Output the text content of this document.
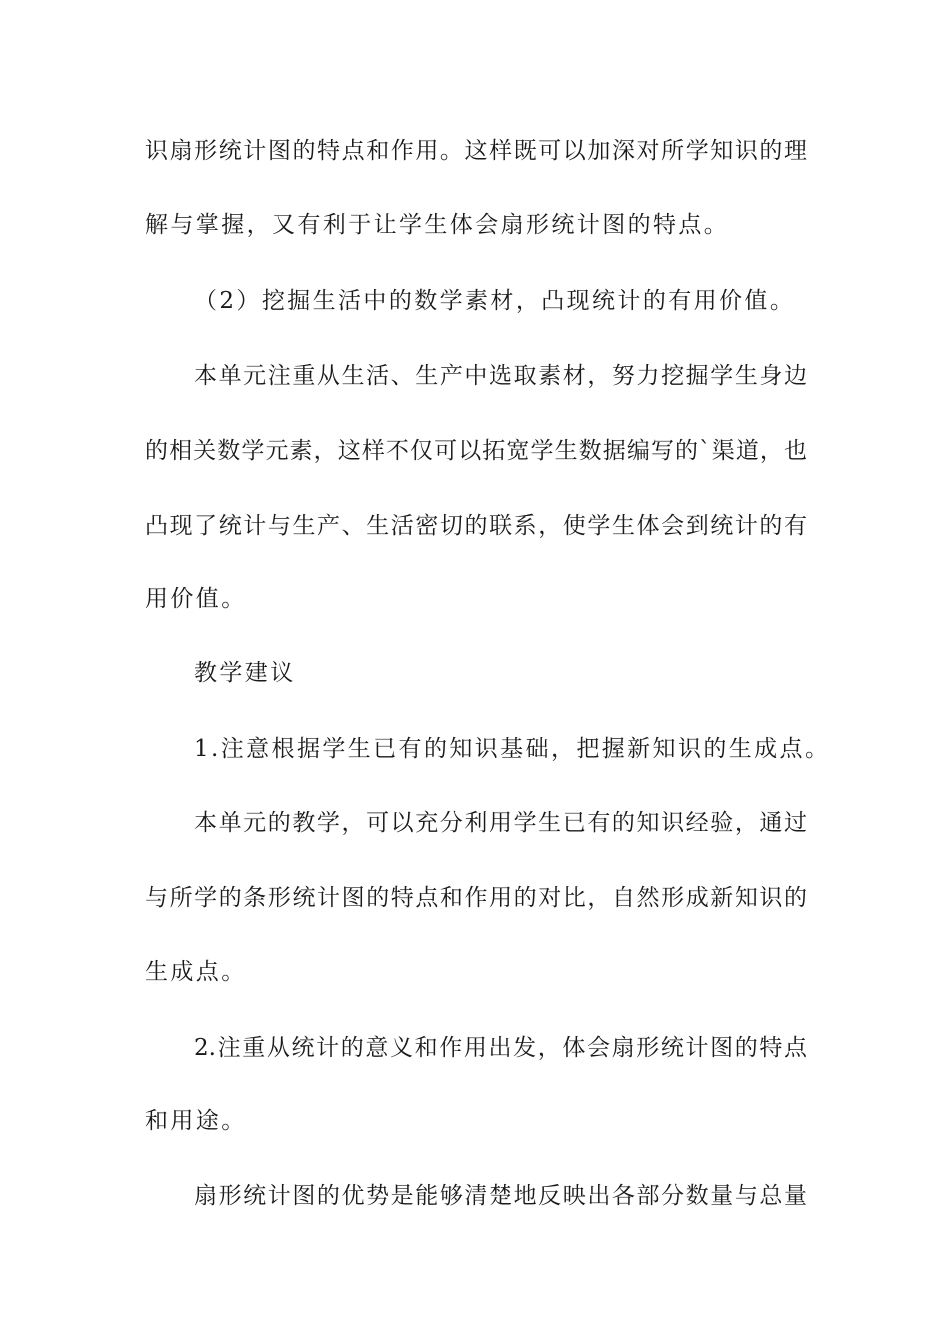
识扇形统计图的特点和作用。这样既可以加深对所学知识的理

解与掌握，又有利于让学生体会扇形统计图的特点。

（2）挖掘生活中的数学素材，凸现统计的有用价值。

本单元注重从生活、生产中选取素材，努力挖掘学生身边

的相关数学元素，这样不仅可以拓宽学生数据编写的`渠道，也

凸现了统计与生产、生活密切的联系，使学生体会到统计的有

用价值。

教学建议

1.注意根据学生已有的知识基础，把握新知识的生成点。

本单元的教学，可以充分利用学生已有的知识经验，通过

与所学的条形统计图的特点和作用的对比，自然形成新知识的

生成点。

2.注重从统计的意义和作用出发，体会扇形统计图的特点

和用途。

扇形统计图的优势是能够清楚地反映出各部分数量与总量
